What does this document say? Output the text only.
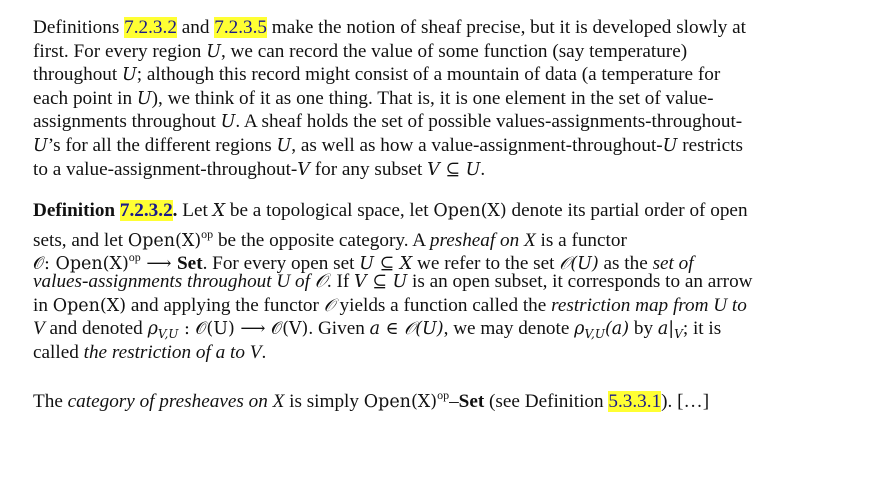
Definitions 7.2.3.2 and 7.2.3.5 make the notion of sheaf precise, but it is developed slowly at
first. For every region U, we can record the value of some function (say temperature)
throughout U; although this record might consist of a mountain of data (a temperature for
each point in U), we think of it as one thing. That is, it is one element in the set of value-
assignments throughout U. A sheaf holds the set of possible values-assignments-throughout-
U’s for all the different regions U, as well as how a value-assignment-throughout-U restricts
to a value-assignment-throughout-V for any subset V ⊆ U.
Definition 7.2.3.2. Let X be a topological space, let Open(X) denote its partial order of open
sets, and let $Open(X)^{op}$ be the opposite category. A presheaf on X is a functor
𝒪: $Open(X)^{op}$ ⟶ Set. For every open set U ⊆ X we refer to the set 𝒪(U) as the set of
values-assignments throughout U of 𝒪. If V ⊆ U is an open subset, it corresponds to an arrow
in Open(X) and applying the functor 𝒪 yields a function called the restriction map from U to
V and denoted $\rho_{V,U}$ : 𝒪(U) ⟶ 𝒪(V). Given a ∈ 𝒪(U), we may denote $\rho_{V,U}(a)$ by $a|_V$; it is
called the restriction of a to V.
The category of presheaves on X is simply $Open(X)^{op}$–Set (see Definition 5.3.3.1). […]
